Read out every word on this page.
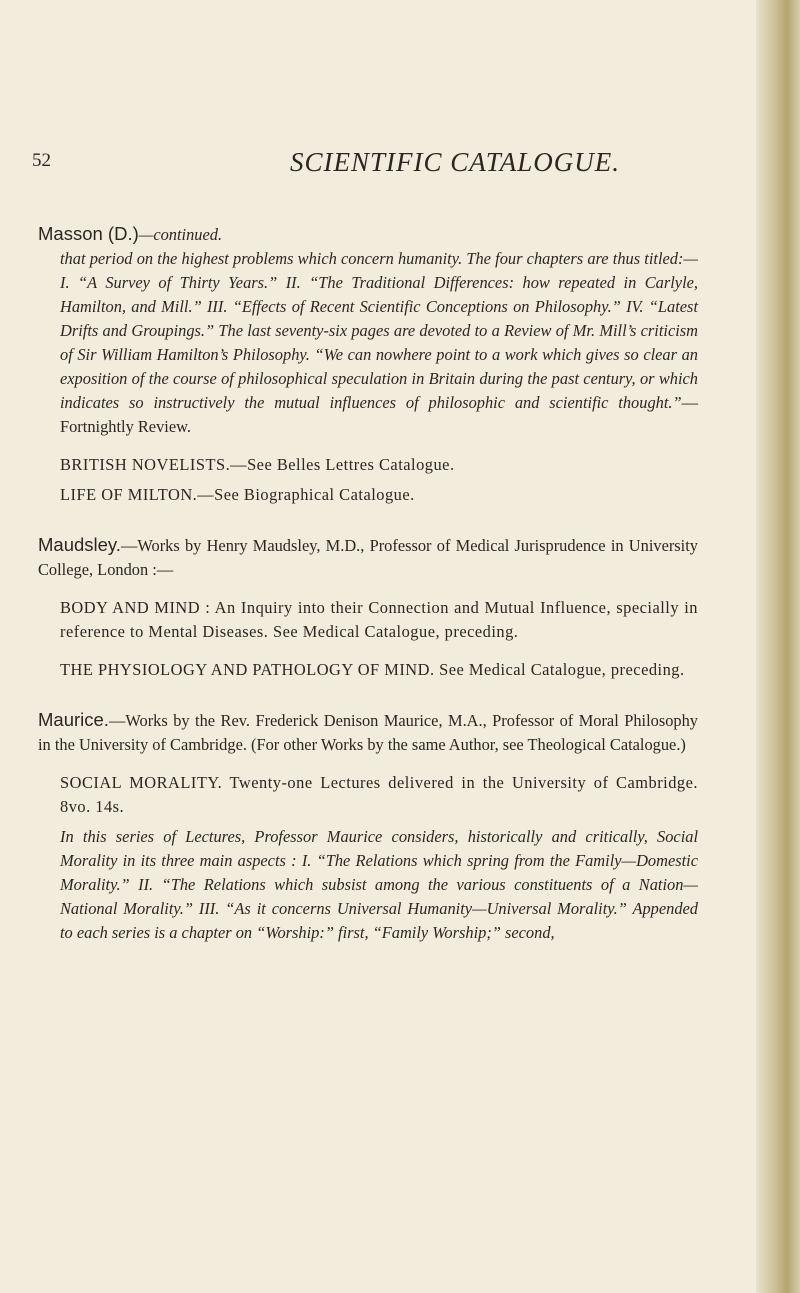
52	SCIENTIFIC CATALOGUE.

Masson (D.)—continued.

that period on the highest problems which concern humanity. The four chapters are thus titled:—I. “A Survey of Thirty Years.” II. “The Traditional Differences: how repeated in Carlyle, Hamilton, and Mill.” III. “Effects of Recent Scientific Conceptions on Philosophy.” IV. “Latest Drifts and Groupings.” The last seventy-six pages are devoted to a Review of Mr. Mill’s criticism of Sir William Hamilton’s Philosophy. “We can nowhere point to a work which gives so clear an exposition of the course of philosophical speculation in Britain during the past century, or which indicates so instructively the mutual influences of philosophic and scientific thought.”—Fortnightly Review.

BRITISH NOVELISTS.—See Belles Lettres Catalogue.

LIFE OF MILTON.—See Biographical Catalogue.

Maudsley.—Works by Henry Maudsley, M.D., Professor of Medical Jurisprudence in University College, London :—

BODY AND MIND : An Inquiry into their Connection and Mutual Influence, specially in reference to Mental Diseases. See Medical Catalogue, preceding.

THE PHYSIOLOGY AND PATHOLOGY OF MIND. See Medical Catalogue, preceding.

Maurice.—Works by the Rev. Frederick Denison Maurice, M.A., Professor of Moral Philosophy in the University of Cambridge. (For other Works by the same Author, see Theological Catalogue.)

SOCIAL MORALITY. Twenty-one Lectures delivered in the University of Cambridge. 8vo. 14s.

In this series of Lectures, Professor Maurice considers, historically and critically, Social Morality in its three main aspects : I. “The Relations which spring from the Family—Domestic Morality.” II. “The Relations which subsist among the various constituents of a Nation—National Morality.” III. “As it concerns Universal Humanity—Universal Morality.” Appended to each series is a chapter on “Worship:” first, “Family Worship;” second,
